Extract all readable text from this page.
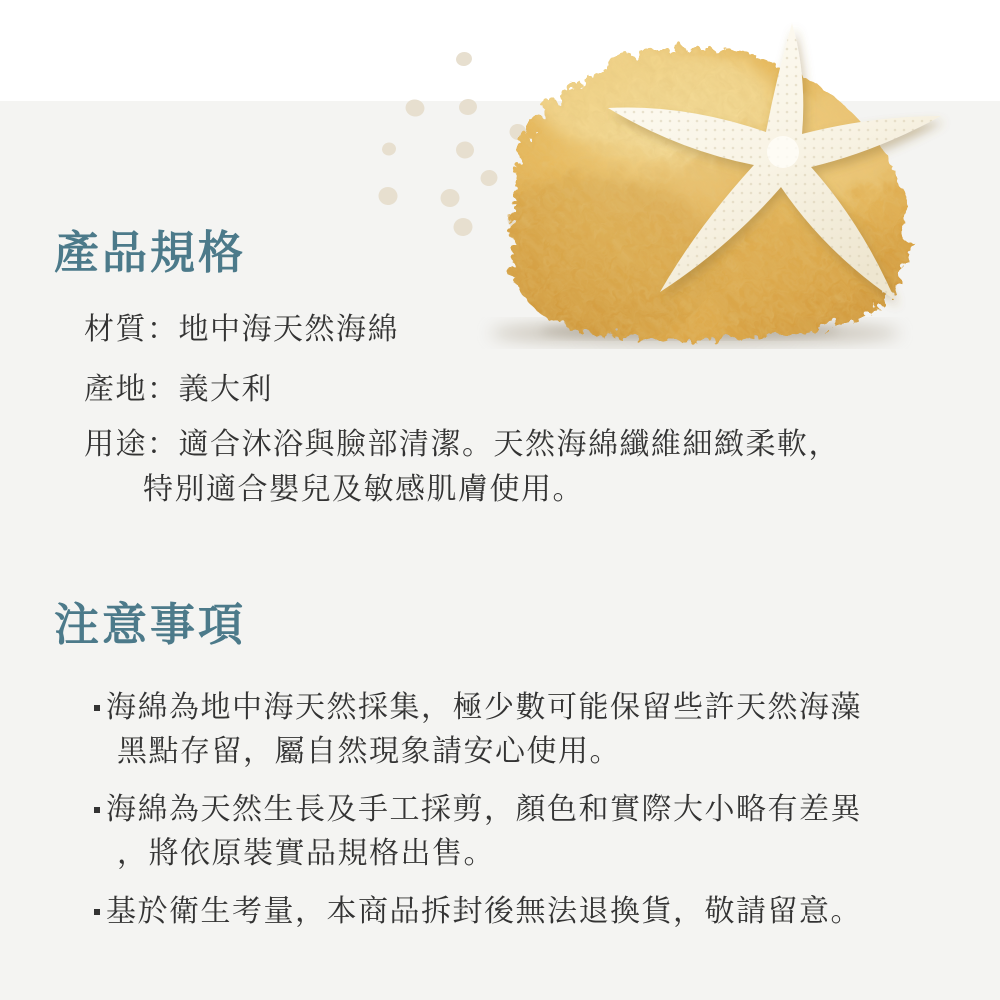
產品規格
材質：地中海天然海綿
產地：義大利
用途：適合沐浴與臉部清潔。天然海綿纖維細緻柔軟，
特別適合嬰兒及敏感肌膚使用。
注意事項
海綿為地中海天然採集，極少數可能保留些許天然海藻
黑點存留，屬自然現象請安心使用。
海綿為天然生長及手工採剪，顏色和實際大小略有差異
，將依原裝實品規格出售。
基於衛生考量，本商品拆封後無法退換貨，敬請留意。
